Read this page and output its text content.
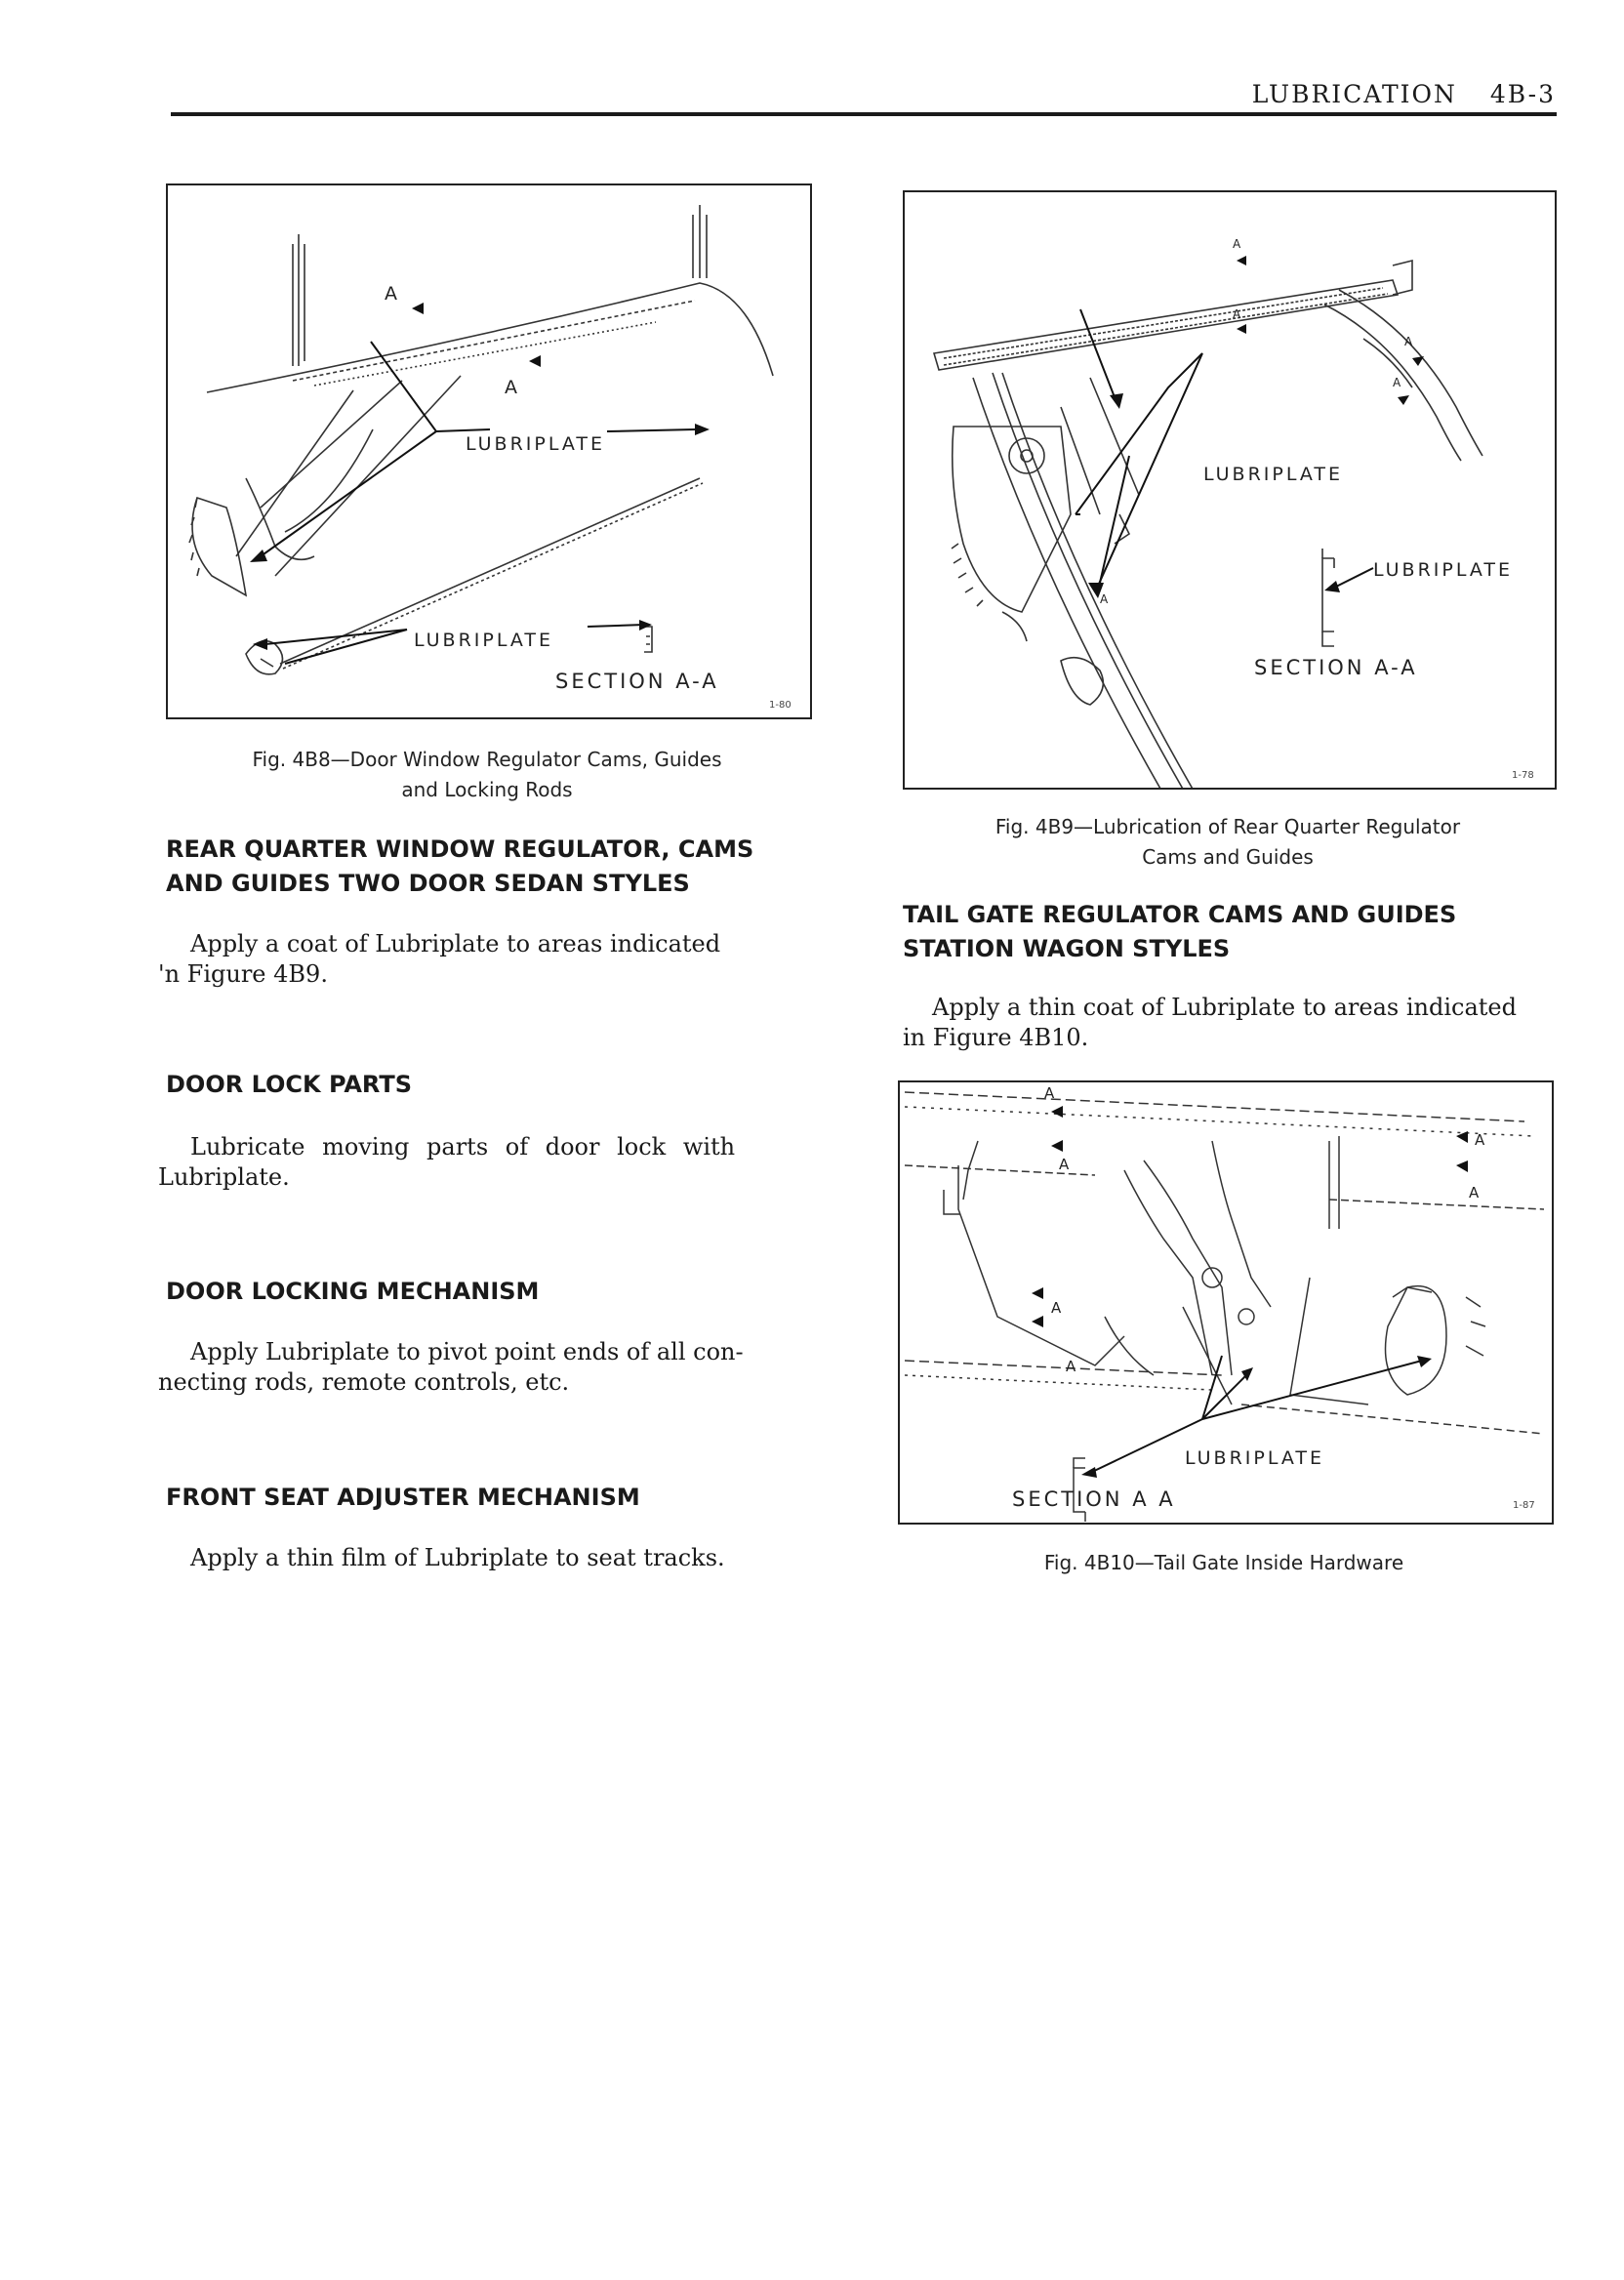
LUBRICATION 4B-3
A
A
LUBRIPLATE
LUBRIPLATE
SECTION A-A
1-80
Fig. 4B8—Door Window Regulator Cams, Guides
and Locking Rods
A
A
A
A
A
LUBRIPLATE
LUBRIPLATE
SECTION A-A
1-78
Fig. 4B9—Lubrication of Rear Quarter Regulator
Cams and Guides
REAR QUARTER WINDOW REGULATOR, CAMS
AND GUIDES TWO DOOR SEDAN STYLES
Apply a coat of Lubriplate to areas indicated
'n Figure 4B9.
DOOR LOCK PARTS
Lubricate moving parts of door lock with
Lubriplate.
DOOR LOCKING MECHANISM
Apply Lubriplate to pivot point ends of all con-
necting rods, remote controls, etc.
FRONT SEAT ADJUSTER MECHANISM
Apply a thin film of Lubriplate to seat tracks.
TAIL GATE REGULATOR CAMS AND GUIDES
STATION WAGON STYLES
Apply a thin coat of Lubriplate to areas indicated
in Figure 4B10.
A
A
A
A
A
A
LUBRIPLATE
SECTION A A	1-87
Fig. 4B10—Tail Gate Inside Hardware
